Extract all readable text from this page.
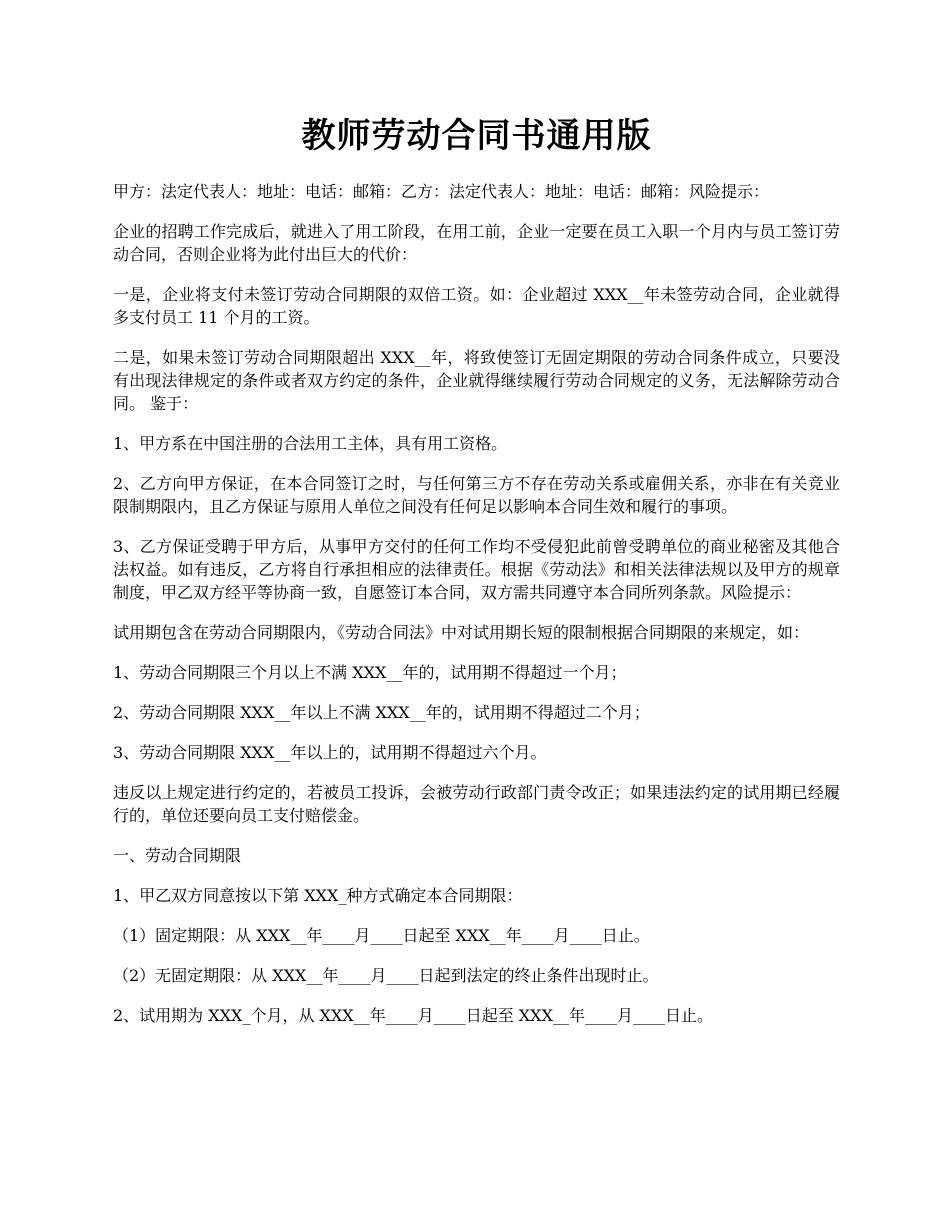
教师劳动合同书通用版

甲方：法定代表人：地址：电话：邮箱：乙方：法定代表人：地址：电话：邮箱：风险提示：

企业的招聘工作完成后，就进入了用工阶段，在用工前，企业一定要在员工入职一个月内与员工签订劳动合同，否则企业将为此付出巨大的代价：

一是，企业将支付未签订劳动合同期限的双倍工资。如：企业超过 XXX__年未签劳动合同，企业就得多支付员工 11 个月的工资。

二是，如果未签订劳动合同期限超出 XXX__年，将致使签订无固定期限的劳动合同条件成立，只要没有出现法律规定的条件或者双方约定的条件，企业就得继续履行劳动合同规定的义务，无法解除劳动合同。 鉴于：

1、甲方系在中国注册的合法用工主体，具有用工资格。

2、乙方向甲方保证，在本合同签订之时，与任何第三方不存在劳动关系或雇佣关系，亦非在有关竞业限制期限内，且乙方保证与原用人单位之间没有任何足以影响本合同生效和履行的事项。

3、乙方保证受聘于甲方后，从事甲方交付的任何工作均不受侵犯此前曾受聘单位的商业秘密及其他合法权益。如有违反，乙方将自行承担相应的法律责任。根据《劳动法》和相关法律法规以及甲方的规章制度，甲乙双方经平等协商一致，自愿签订本合同，双方需共同遵守本合同所列条款。风险提示：

试用期包含在劳动合同期限内，《劳动合同法》中对试用期长短的限制根据合同期限的来规定，如：

1、劳动合同期限三个月以上不满 XXX__年的，试用期不得超过一个月；

2、劳动合同期限 XXX__年以上不满 XXX__年的，试用期不得超过二个月；

3、劳动合同期限 XXX__年以上的，试用期不得超过六个月。

违反以上规定进行约定的，若被员工投诉，会被劳动行政部门责令改正；如果违法约定的试用期已经履行的，单位还要向员工支付赔偿金。

一、劳动合同期限

1、甲乙双方同意按以下第 XXX_种方式确定本合同期限：

（1）固定期限：从 XXX__年____月____日起至 XXX__年____月____日止。

（2）无固定期限：从 XXX__年____月____日起到法定的终止条件出现时止。

2、试用期为 XXX_个月，从 XXX__年____月____日起至 XXX__年____月____日止。
